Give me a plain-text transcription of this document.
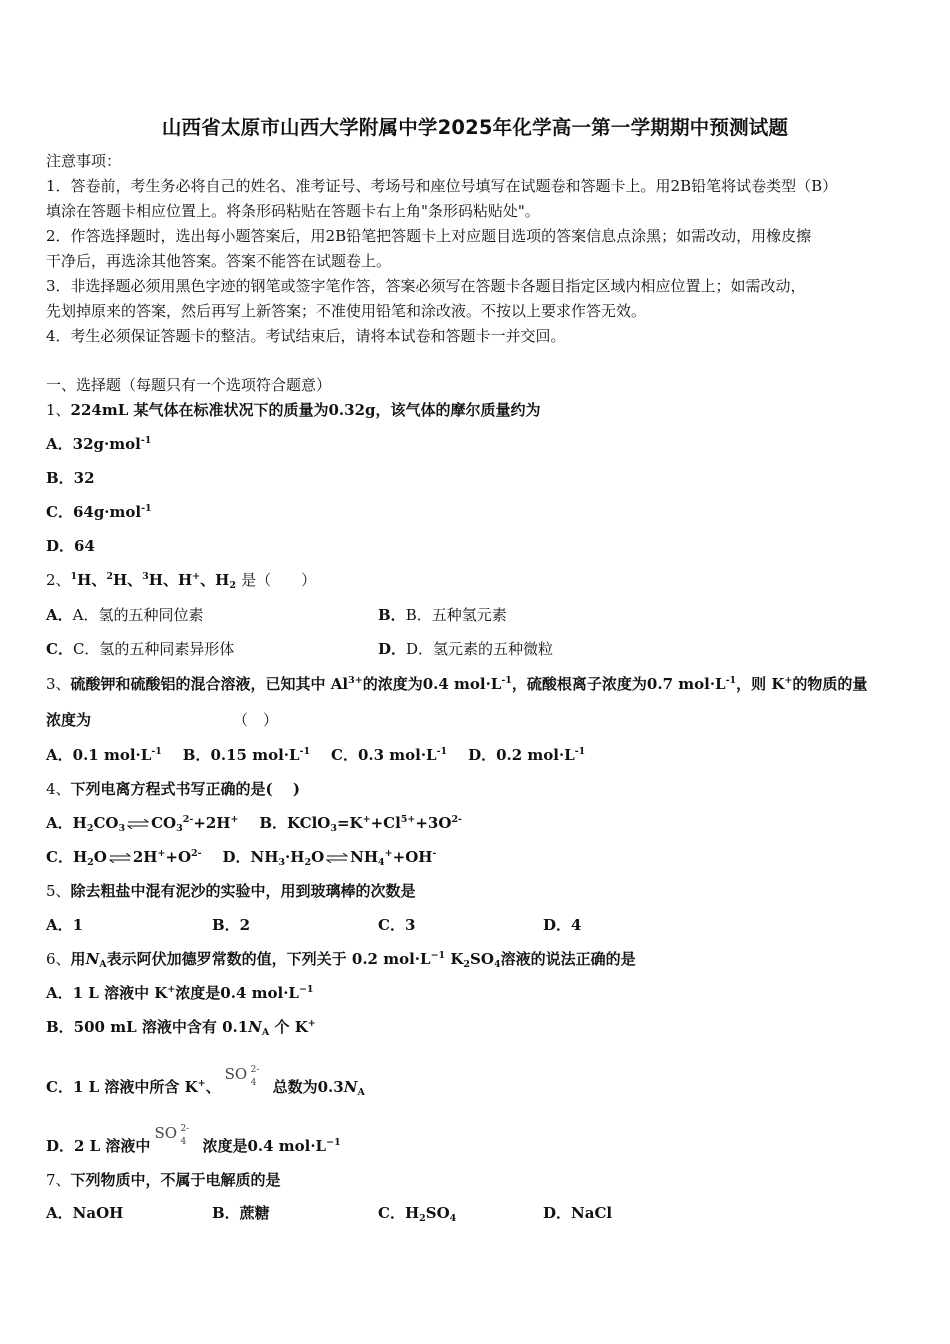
山西省太原市山西大学附属中学2025年化学高一第一学期期中预测试题
注意事项：
1．答卷前，考生务必将自己的姓名、准考证号、考场号和座位号填写在试题卷和答题卡上。用2B铅笔将试卷类型（B）
填涂在答题卡相应位置上。将条形码粘贴在答题卡右上角"条形码粘贴处"。
2．作答选择题时，选出每小题答案后，用2B铅笔把答题卡上对应题目选项的答案信息点涂黑；如需改动，用橡皮擦
干净后，再选涂其他答案。答案不能答在试题卷上。
3．非选择题必须用黑色字迹的钢笔或签字笔作答，答案必须写在答题卡各题目指定区域内相应位置上；如需改动，
先划掉原来的答案，然后再写上新答案；不准使用铅笔和涂改液。不按以上要求作答无效。
4．考生必须保证答题卡的整洁。考试结束后，请将本试卷和答题卡一并交回。
一、选择题（每题只有一个选项符合题意）
1、224mL 某气体在标准状况下的质量为0.32g，该气体的摩尔质量约为
A．32g·mol$^{-1}$
B．32
C．64g·mol$^{-1}$
D．64
2、$^1$H、$^2$H、$^3$H、H+、$H_2$ 是（　　）
A．A．氢的五种同位素	B．B．五种氢元素
C．C．氢的五种同素异形体	D．D．氢元素的五种微粒
3、硫酸钾和硫酸铝的混合溶液，已知其中 $Al^{3+}$的浓度为0.4 $mol\cdot L^{-1}$，硫酸根离子浓度为0.7 $mol\cdot L^{-1}$，则 K+的物质的量
浓度为	（　）
A．0.1 $mol\cdot L^{-1}$ B．0.15 $mol\cdot L^{-1}$ C．0.3 $mol\cdot L^{-1}$ D．0.2 $mol\cdot L^{-1}$
4、下列电离方程式书写正确的是(　 )
A．$H_2CO_3$ ⇌ $CO_3^{2-}+2H^+$ B．$KClO_3=K^++Cl^{5+}+3O^{2-}$
C．$H_2O$ ⇌ $2H^++O^{2-}$ D．$NH_3\cdot H_2O$ ⇌ $NH_4^++OH^-$
5、除去粗盐中混有泥沙的实验中，用到玻璃棒的次数是
A．1	B．2	C．3	D．4
6、用$N_A$表示阿伏加德罗常数的值，下列关于 0.2 $mol\cdot L^{-1}$ $K_2SO_4$溶液的说法正确的是
A．1 L 溶液中 K+浓度是0.4 $mol\cdot L^{-1}$
B．500 mL 溶液中含有 $0.1N_A$ 个 K+
C．1 L 溶液中所含 K+、
SO 2-
4 总数为$0.3N_A$
D．2 L 溶液中
SO 2-
4 浓度是0.4 $mol\cdot L^{-1}$
7、下列物质中，不属于电解质的是
A．NaOH	B．蔗糖	C．$H_2SO_4$	D．NaCl
